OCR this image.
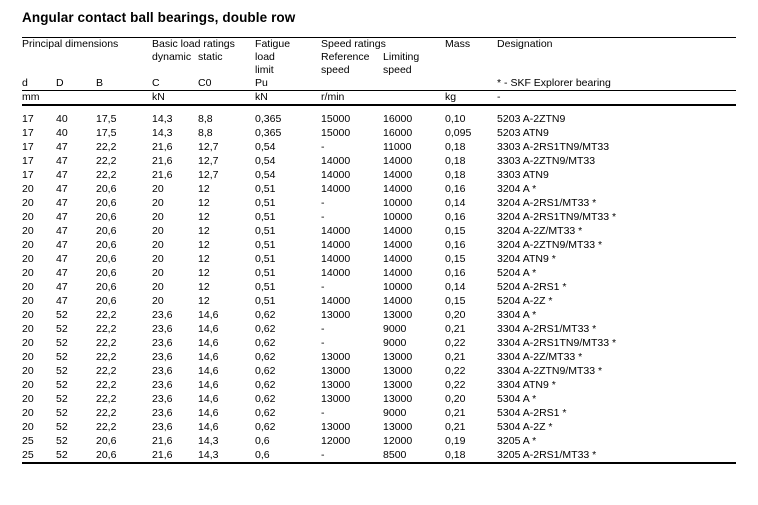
Angular contact ball bearings, double row
Principal dimensions			Basic load ratings		Fatigue	Speed ratings		Mass	Designation
			dynamic	static	load	Reference	Limiting		
					limit	speed	speed		
d	D	B	C	C0	Pu				* - SKF Explorer bearing
mm			kN		kN	r/min		kg	-

17	40	17,5	14,3	8,8	0,365	15000	16000	0,10	5203 A-2ZTN9
17	40	17,5	14,3	8,8	0,365	15000	16000	0,095	5203 ATN9
17	47	22,2	21,6	12,7	0,54	-	11000	0,18	3303 A-2RS1TN9/MT33
17	47	22,2	21,6	12,7	0,54	14000	14000	0,18	3303 A-2ZTN9/MT33
17	47	22,2	21,6	12,7	0,54	14000	14000	0,18	3303 ATN9
20	47	20,6	20	12	0,51	14000	14000	0,16	3204 A *
20	47	20,6	20	12	0,51	-	10000	0,14	3204 A-2RS1/MT33 *
20	47	20,6	20	12	0,51	-	10000	0,16	3204 A-2RS1TN9/MT33 *
20	47	20,6	20	12	0,51	14000	14000	0,15	3204 A-2Z/MT33 *
20	47	20,6	20	12	0,51	14000	14000	0,16	3204 A-2ZTN9/MT33 *
20	47	20,6	20	12	0,51	14000	14000	0,15	3204 ATN9 *
20	47	20,6	20	12	0,51	14000	14000	0,16	5204 A *
20	47	20,6	20	12	0,51	-	10000	0,14	5204 A-2RS1 *
20	47	20,6	20	12	0,51	14000	14000	0,15	5204 A-2Z *
20	52	22,2	23,6	14,6	0,62	13000	13000	0,20	3304 A *
20	52	22,2	23,6	14,6	0,62	-	9000	0,21	3304 A-2RS1/MT33 *
20	52	22,2	23,6	14,6	0,62	-	9000	0,22	3304 A-2RS1TN9/MT33 *
20	52	22,2	23,6	14,6	0,62	13000	13000	0,21	3304 A-2Z/MT33 *
20	52	22,2	23,6	14,6	0,62	13000	13000	0,22	3304 A-2ZTN9/MT33 *
20	52	22,2	23,6	14,6	0,62	13000	13000	0,22	3304 ATN9 *
20	52	22,2	23,6	14,6	0,62	13000	13000	0,20	5304 A *
20	52	22,2	23,6	14,6	0,62	-	9000	0,21	5304 A-2RS1 *
20	52	22,2	23,6	14,6	0,62	13000	13000	0,21	5304 A-2Z *
25	52	20,6	21,6	14,3	0,6	12000	12000	0,19	3205 A *
25	52	20,6	21,6	14,3	0,6	-	8500	0,18	3205 A-2RS1/MT33 *
